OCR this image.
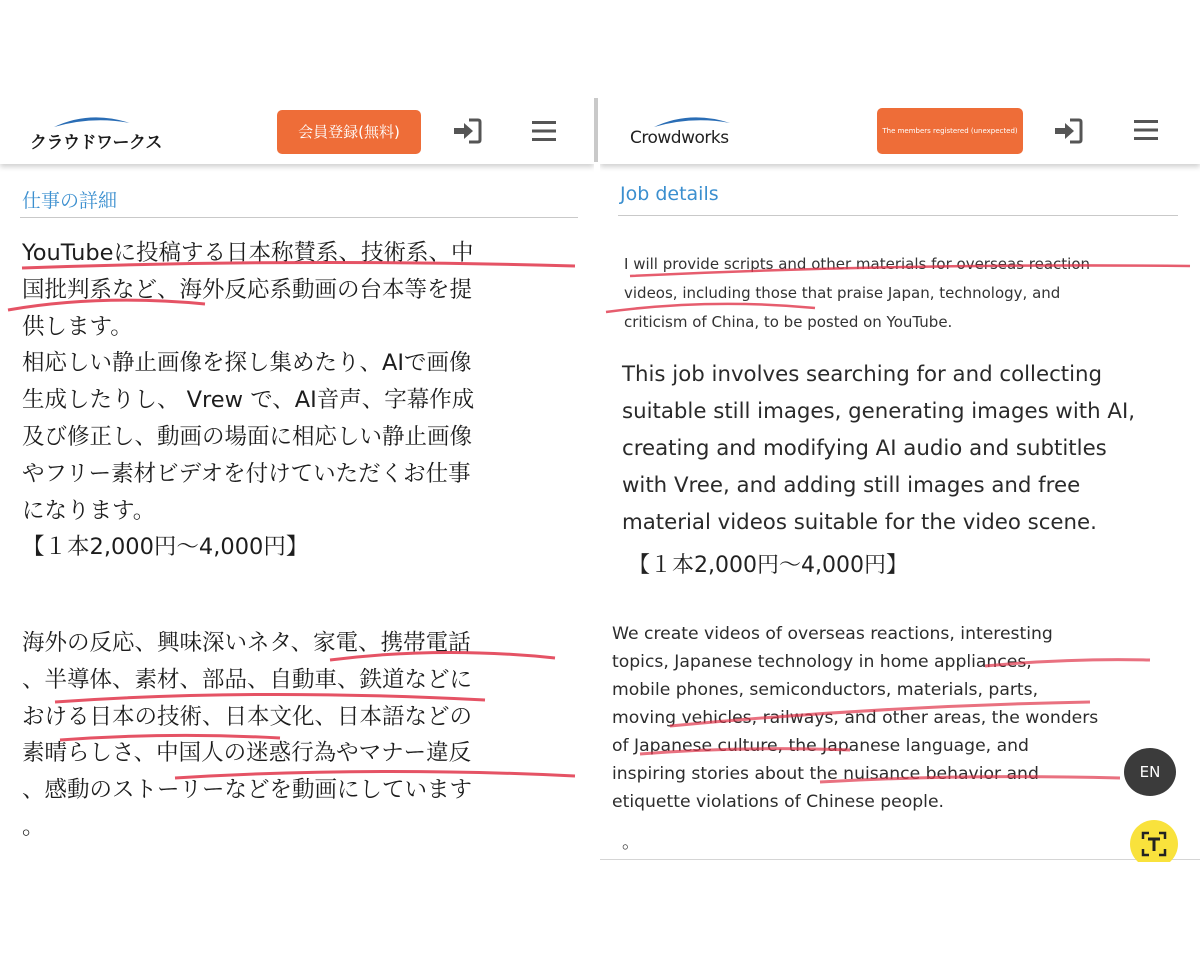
クラウドワークス
会員登録(無料)
仕事の詳細
YouTubeに投稿する日本称賛系、技術系、中
国批判系など、海外反応系動画の台本等を提
供します。
相応しい静止画像を探し集めたり、AIで画像
生成したりし、 Vrew で、AI音声、字幕作成
及び修正し、動画の場面に相応しい静止画像
やフリー素材ビデオを付けていただくお仕事
になります。
【１本2,000円～4,000円】
海外の反応、興味深いネタ、家電、携帯電話
、半導体、素材、部品、自動車、鉄道などに
おける日本の技術、日本文化、日本語などの
素晴らしさ、中国人の迷惑行為やマナー違反
、感動のストーリーなどを動画にしています
。
Crowdworks	The members registered (unexpected)
Job details
I will provide scripts and other materials for overseas reaction
videos, including those that praise Japan, technology, and
criticism of China, to be posted on YouTube.
This job involves searching for and collecting
suitable still images, generating images with AI,
creating and modifying AI audio and subtitles
with Vree, and adding still images and free
material videos suitable for the video scene.
【１本2,000円～4,000円】
We create videos of overseas reactions, interesting
topics, Japanese technology in home appliances,
mobile phones, semiconductors, materials, parts,
moving vehicles, railways, and other areas, the wonders
of Japanese culture, the Japanese language, and
inspiring stories about the nuisance behavior and
etiquette violations of Chinese people.
。
EN
